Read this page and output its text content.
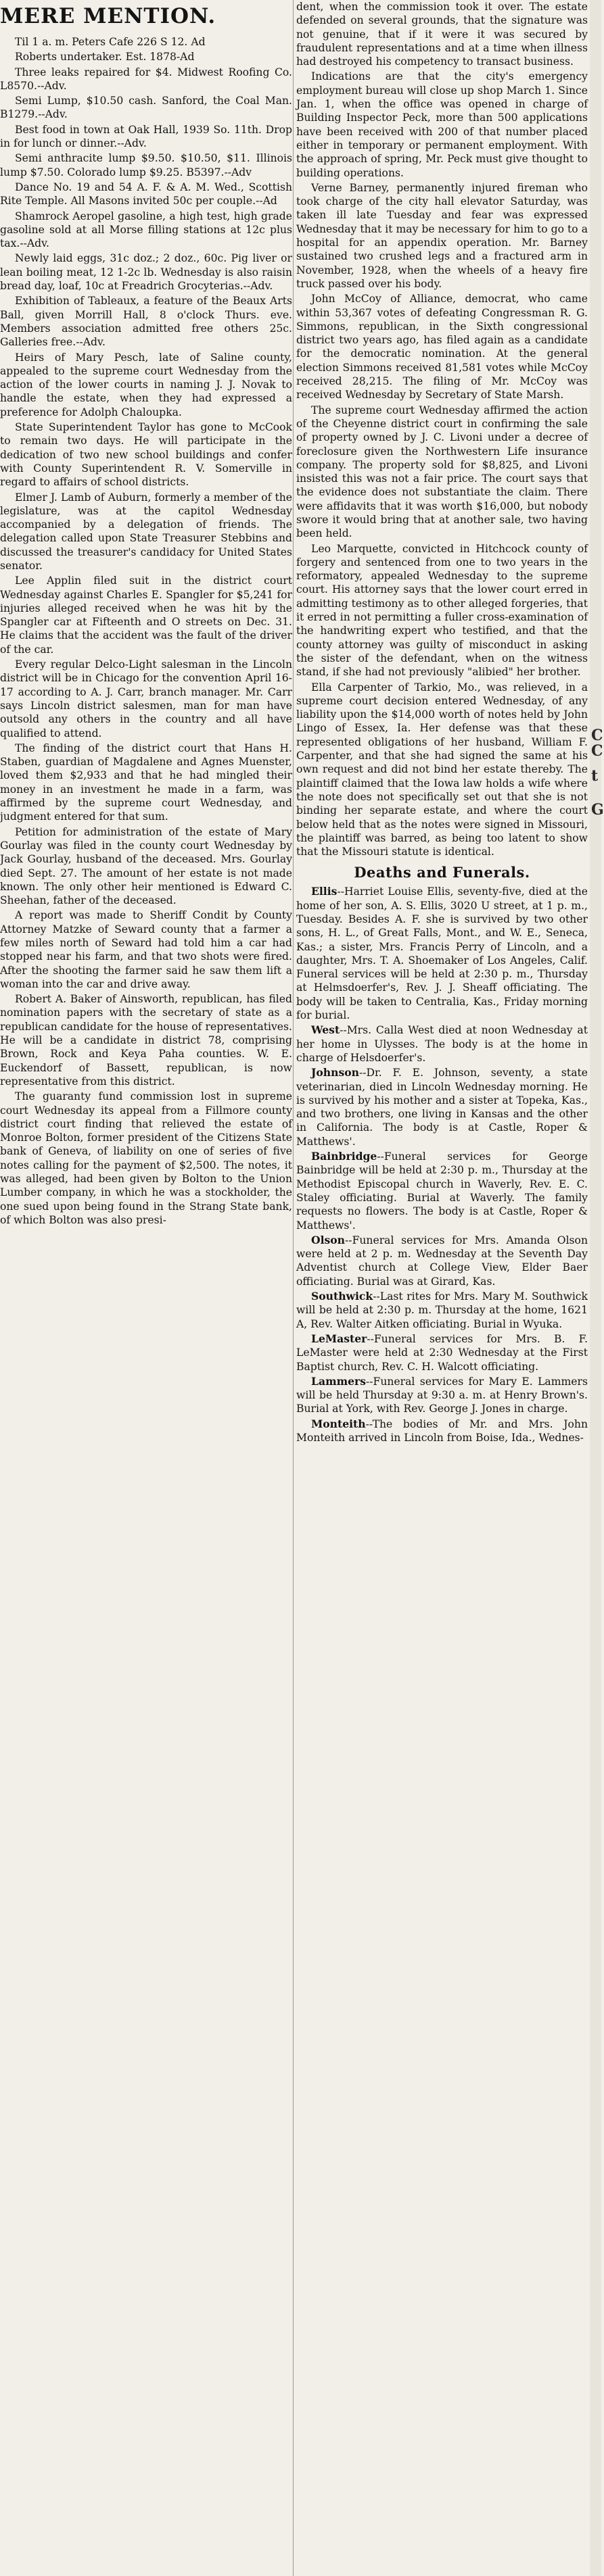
MERE MENTION.

Til 1 a. m. Peters Cafe 226 S 12. Ad

Roberts undertaker. Est. 1878-Ad

Three leaks repaired for $4. Midwest Roofing Co. L8570.--Adv.

Semi Lump, $10.50 cash. Sanford, the Coal Man. B1279.--Adv.

Best food in town at Oak Hall, 1939 So. 11th. Drop in for lunch or dinner.--Adv.

Semi anthracite lump $9.50. $10.50, $11. Illinois lump $7.50. Colorado lump $9.25. B5397.--Adv

Dance No. 19 and 54 A. F. & A. M. Wed., Scottish Rite Temple. All Masons invited 50c per couple.--Ad

Shamrock Aeropel gasoline, a high test, high grade gasoline sold at all Morse filling stations at 12c plus tax.--Adv.

Newly laid eggs, 31c doz.; 2 doz., 60c. Pig liver or lean boiling meat, 12 1-2c lb. Wednesday is also raisin bread day, loaf, 10c at Freadrich Grocyterias.--Adv.

Exhibition of Tableaux, a feature of the Beaux Arts Ball, given Morrill Hall, 8 o'clock Thurs. eve. Members association admitted free others 25c. Galleries free.--Adv.

Heirs of Mary Pesch, late of Saline county, appealed to the supreme court Wednesday from the action of the lower courts in naming J. J. Novak to handle the estate, when they had expressed a preference for Adolph Chaloupka.

State Superintendent Taylor has gone to McCook to remain two days. He will participate in the dedication of two new school buildings and confer with County Superintendent R. V. Somerville in regard to affairs of school districts.

Elmer J. Lamb of Auburn, formerly a member of the legislature, was at the capitol Wednesday accompanied by a delegation of friends. The delegation called upon State Treasurer Stebbins and discussed the treasurer's candidacy for United States senator.

Lee Applin filed suit in the district court Wednesday against Charles E. Spangler for $5,241 for injuries alleged received when he was hit by the Spangler car at Fifteenth and O streets on Dec. 31. He claims that the accident was the fault of the driver of the car.

Every regular Delco-Light salesman in the Lincoln district will be in Chicago for the convention April 16-17 according to A. J. Carr, branch manager. Mr. Carr says Lincoln district salesmen, man for man have outsold any others in the country and all have qualified to attend.

The finding of the district court that Hans H. Staben, guardian of Magdalene and Agnes Muenster, loved them $2,933 and that he had mingled their money in an investment he made in a farm, was affirmed by the supreme court Wednesday, and judgment entered for that sum.

Petition for administration of the estate of Mary Gourlay was filed in the county court Wednesday by Jack Gourlay, husband of the deceased. Mrs. Gourlay died Sept. 27. The amount of her estate is not made known. The only other heir mentioned is Edward C. Sheehan, father of the deceased.

A report was made to Sheriff Condit by County Attorney Matzke of Seward county that a farmer a few miles north of Seward had told him a car had stopped near his farm, and that two shots were fired. After the shooting the farmer said he saw them lift a woman into the car and drive away.

Robert A. Baker of Ainsworth, republican, has filed nomination papers with the secretary of state as a republican candidate for the house of representatives. He will be a candidate in district 78, comprising Brown, Rock and Keya Paha counties. W. E. Euckendorf of Bassett, republican, is now representative from this district.

The guaranty fund commission lost in supreme court Wednesday its appeal from a Fillmore county district court finding that relieved the estate of Monroe Bolton, former president of the Citizens State bank of Geneva, of liability on one of series of five notes calling for the payment of $2,500. The notes, it was alleged, had been given by Bolton to the Union Lumber company, in which he was a stockholder, the one sued upon being found in the Strang State bank, of which Bolton was also presi-

dent, when the commission took it over. The estate defended on several grounds, that the signature was not genuine, that if it were it was secured by fraudulent representations and at a time when illness had destroyed his competency to transact business.

Indications are that the city's emergency employment bureau will close up shop March 1. Since Jan. 1, when the office was opened in charge of Building Inspector Peck, more than 500 applications have been received with 200 of that number placed either in temporary or permanent employment. With the approach of spring, Mr. Peck must give thought to building operations.

Verne Barney, permanently injured fireman who took charge of the city hall elevator Saturday, was taken ill late Tuesday and fear was expressed Wednesday that it may be necessary for him to go to a hospital for an appendix operation. Mr. Barney sustained two crushed legs and a fractured arm in November, 1928, when the wheels of a heavy fire truck passed over his body.

John McCoy of Alliance, democrat, who came within 53,367 votes of defeating Congressman R. G. Simmons, republican, in the Sixth congressional district two years ago, has filed again as a candidate for the democratic nomination. At the general election Simmons received 81,581 votes while McCoy received 28,215. The filing of Mr. McCoy was received Wednesday by Secretary of State Marsh.

The supreme court Wednesday affirmed the action of the Cheyenne district court in confirming the sale of property owned by J. C. Livoni under a decree of foreclosure given the Northwestern Life insurance company. The property sold for $8,825, and Livoni insisted this was not a fair price. The court says that the evidence does not substantiate the claim. There were affidavits that it was worth $16,000, but nobody swore it would bring that at another sale, two having been held.

Leo Marquette, convicted in Hitchcock county of forgery and sentenced from one to two years in the reformatory, appealed Wednesday to the supreme court. His attorney says that the lower court erred in admitting testimony as to other alleged forgeries, that it erred in not permitting a fuller cross-examination of the handwriting expert who testified, and that the county attorney was guilty of misconduct in asking the sister of the defendant, when on the witness stand, if she had not previously "alibied" her brother.

Ella Carpenter of Tarkio, Mo., was relieved, in a supreme court decision entered Wednesday, of any liability upon the $14,000 worth of notes held by John Lingo of Essex, Ia. Her defense was that these represented obligations of her husband, William F. Carpenter, and that she had signed the same at his own request and did not bind her estate thereby. The plaintiff claimed that the Iowa law holds a wife where the note does not specifically set out that she is not binding her separate estate, and where the court below held that as the notes were signed in Missouri, the plaintiff was barred, as being too latent to show that the Missouri statute is identical.

Deaths and Funerals.

Ellis--Harriet Louise Ellis, seventy-five, died at the home of her son, A. S. Ellis, 3020 U street, at 1 p. m., Tuesday. Besides A. F. she is survived by two other sons, H. L., of Great Falls, Mont., and W. E., Seneca, Kas.; a sister, Mrs. Francis Perry of Lincoln, and a daughter, Mrs. T. A. Shoemaker of Los Angeles, Calif. Funeral services will be held at 2:30 p. m., Thursday at Helmsdoerfer's, Rev. J. J. Sheaff officiating. The body will be taken to Centralia, Kas., Friday morning for burial.

West--Mrs. Calla West died at noon Wednesday at her home in Ulysses. The body is at the home in charge of Helsdoerfer's.

Johnson--Dr. F. E. Johnson, seventy, a state veterinarian, died in Lincoln Wednesday morning. He is survived by his mother and a sister at Topeka, Kas., and two brothers, one living in Kansas and the other in California. The body is at Castle, Roper & Matthews'.

Bainbridge--Funeral services for George Bainbridge will be held at 2:30 p. m., Thursday at the Methodist Episcopal church in Waverly, Rev. E. C. Staley officiating. Burial at Waverly. The family requests no flowers. The body is at Castle, Roper & Matthews'.

Olson--Funeral services for Mrs. Amanda Olson were held at 2 p. m. Wednesday at the Seventh Day Adventist church at College View, Elder Baer officiating. Burial was at Girard, Kas.

Southwick--Last rites for Mrs. Mary M. Southwick will be held at 2:30 p. m. Thursday at the home, 1621 A, Rev. Walter Aitken officiating. Burial in Wyuka.

LeMaster--Funeral services for Mrs. B. F. LeMaster were held at 2:30 Wednesday at the First Baptist church, Rev. C. H. Walcott officiating.

Lammers--Funeral services for Mary E. Lammers will be held Thursday at 9:30 a. m. at Henry Brown's. Burial at York, with Rev. George J. Jones in charge.

Monteith--The bodies of Mr. and Mrs. John Monteith arrived in Lincoln from Boise, Ida., Wednes-

C
C
t
G
